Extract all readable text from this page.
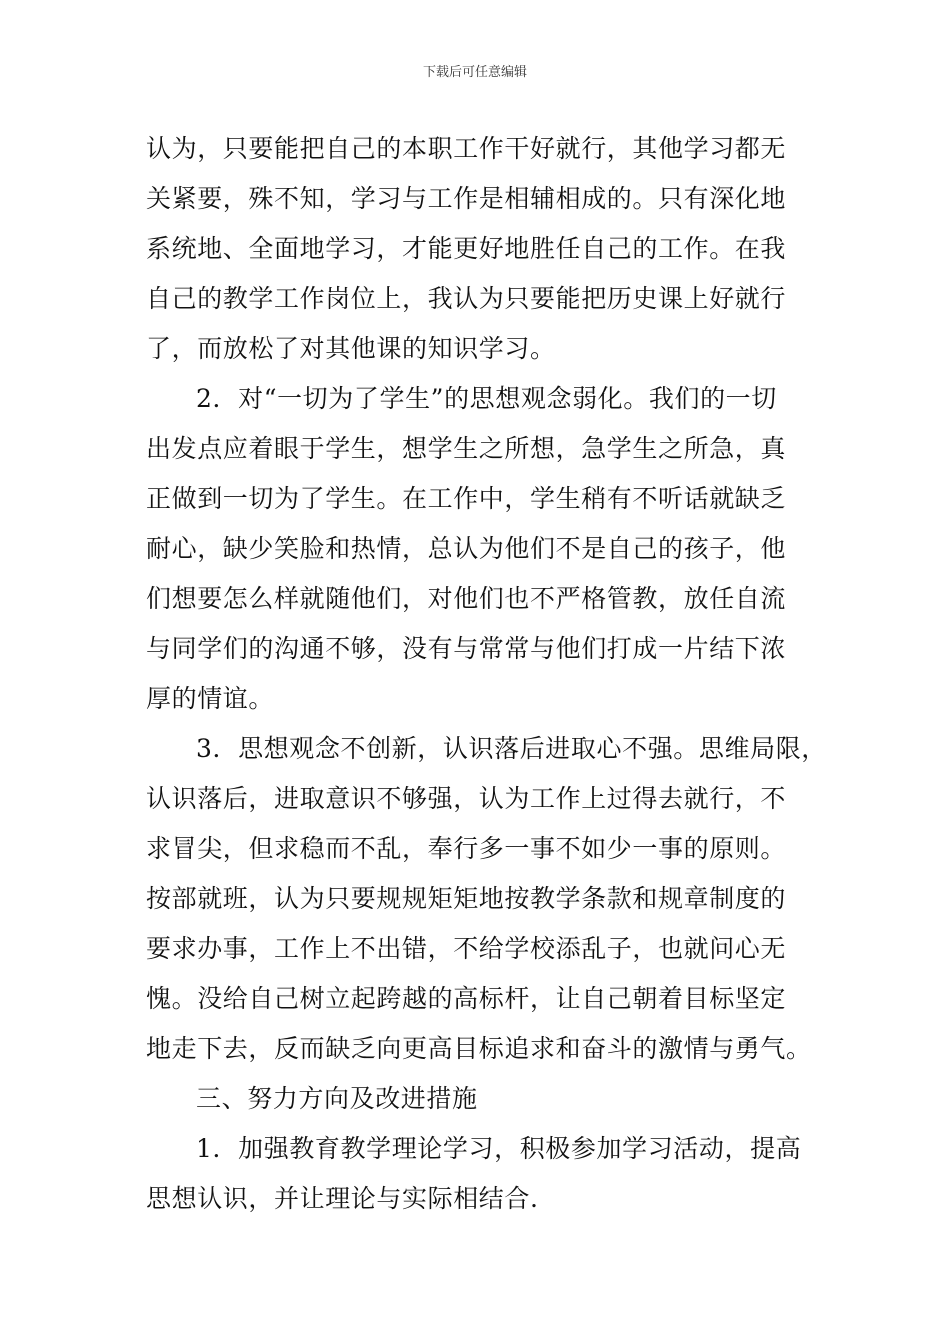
下载后可任意编辑
认为，只要能把自己的本职工作干好就行，其他学习都无
关紧要，殊不知，学习与工作是相辅相成的。只有深化地
系统地、全面地学习，才能更好地胜任自己的工作。在我
自己的教学工作岗位上，我认为只要能把历史课上好就行
了，而放松了对其他课的知识学习。
2．对“一切为了学生”的思想观念弱化。我们的一切
出发点应着眼于学生，想学生之所想，急学生之所急，真
正做到一切为了学生。在工作中，学生稍有不听话就缺乏
耐心，缺少笑脸和热情，总认为他们不是自己的孩子，他
们想要怎么样就随他们，对他们也不严格管教，放任自流
与同学们的沟通不够，没有与常常与他们打成一片结下浓
厚的情谊。
3．思想观念不创新，认识落后进取心不强。思维局限，
认识落后，进取意识不够强，认为工作上过得去就行，不
求冒尖，但求稳而不乱，奉行多一事不如少一事的原则。
按部就班，认为只要规规矩矩地按教学条款和规章制度的
要求办事，工作上不出错，不给学校添乱子，也就问心无
愧。没给自己树立起跨越的高标杆，让自己朝着目标坚定
地走下去，反而缺乏向更高目标追求和奋斗的激情与勇气。
三、努力方向及改进措施
1．加强教育教学理论学习，积极参加学习活动，提高
思想认识，并让理论与实际相结合.
